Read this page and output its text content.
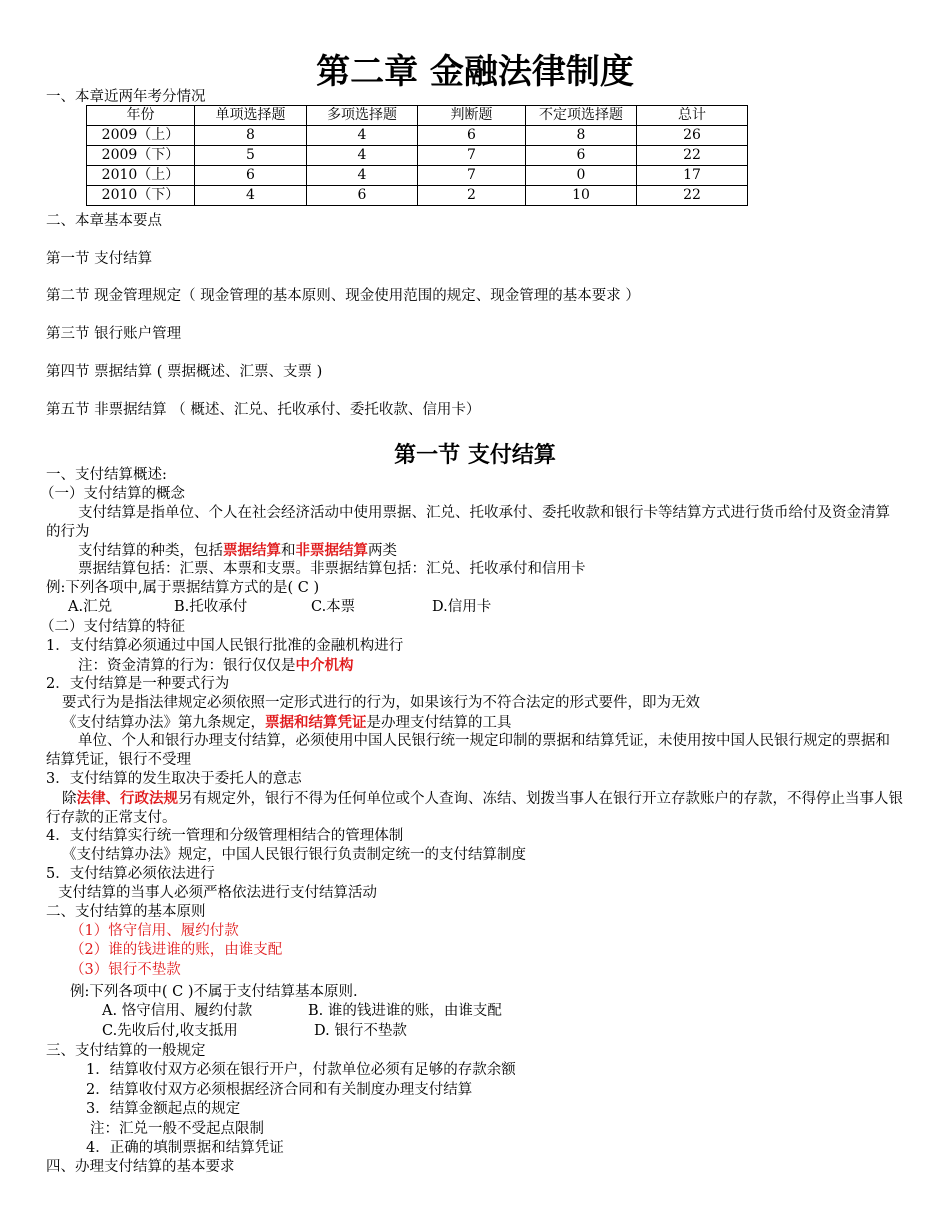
第二章 金融法律制度
一、本章近两年考分情况
年份	单项选择题	多项选择题	判断题	不定项选择题	总计
2009（上）	8	4	6	8	26
2009（下）	5	4	7	6	22
2010（上）	6	4	7	0	17
2010（下）	4	6	2	10	22
二、本章基本要点
第一节 支付结算
第二节 现金管理规定（ 现金管理的基本原则、现金使用范围的规定、现金管理的基本要求 ）
第三节 银行账户管理
第四节 票据结算 ( 票据概述、汇票、支票 )
第五节 非票据结算 （ 概述、汇兑、托收承付、委托收款、信用卡）
第一节 支付结算
一、支付结算概述:
（一）支付结算的概念
支付结算是指单位、个人在社会经济活动中使用票据、汇兑、托收承付、委托收款和银行卡等结算方式进行货币给付及资金清算的行为
支付结算的种类，包括票据结算和非票据结算两类
票据结算包括：汇票、本票和支票。非票据结算包括：汇兑、托收承付和信用卡
例:下列各项中,属于票据结算方式的是( C )
A.汇兑	B.托收承付	C.本票	D.信用卡
（二）支付结算的特征
1．支付结算必须通过中国人民银行批准的金融机构进行
注：资金清算的行为：银行仅仅是中介机构
2．支付结算是一种要式行为
要式行为是指法律规定必须依照一定形式进行的行为，如果该行为不符合法定的形式要件，即为无效
《支付结算办法》第九条规定，票据和结算凭证是办理支付结算的工具
单位、个人和银行办理支付结算，必须使用中国人民银行统一规定印制的票据和结算凭证，未使用按中国人民银行规定的票据和结算凭证，银行不受理
3．支付结算的发生取决于委托人的意志
除法律、行政法规另有规定外，银行不得为任何单位或个人查询、冻结、划拨当事人在银行开立存款账户的存款，不得停止当事人银行存款的正常支付。
4．支付结算实行统一管理和分级管理相结合的管理体制
《支付结算办法》规定，中国人民银行银行负责制定统一的支付结算制度
5．支付结算必须依法进行
支付结算的当事人必须严格依法进行支付结算活动
二、支付结算的基本原则
（1）恪守信用、履约付款
（2）谁的钱进谁的账，由谁支配
（3）银行不垫款
例:下列各项中( C )不属于支付结算基本原则.
A. 恪守信用、履约付款	B. 谁的钱进谁的账，由谁支配
C.先收后付,收支抵用	D. 银行不垫款
三、支付结算的一般规定
1．结算收付双方必须在银行开户，付款单位必须有足够的存款余额
2．结算收付双方必须根据经济合同和有关制度办理支付结算
3．结算金额起点的规定
注：汇兑一般不受起点限制
4．正确的填制票据和结算凭证
四、办理支付结算的基本要求
